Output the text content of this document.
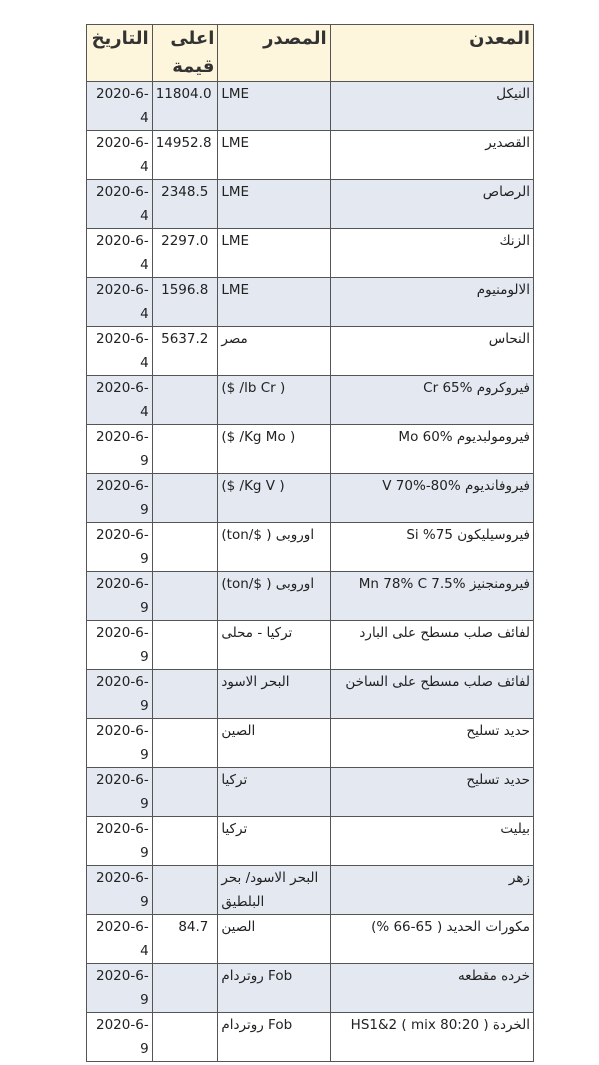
المعدن	المصدر	اعلى قيمة	التاريخ

النيكل	LME	11804.0	2020-6-4

القصدير	LME	14952.8	2020-6-4

الرصاص	LME	2348.5	2020-6-4

الزنك	LME	2297.0	2020-6-4

الالومنيوم	LME	1596.8	2020-6-4

النحاس	مصر	5637.2	2020-6-4

فيروكروم Cr 65%	( lb Cr/ $)		2020-6-4

فيرومولبديوم Mo 60%	( Kg Mo/ $)		2020-6-9

فيروفانديوم V 70%-80%	( Kg V/ $)		2020-6-9

فيروسيليكون Si %75	اوروبى ( $/ton)		2020-6-9

فيرومنجنيز Mn 78% C 7.5%	اوروبى ( $/ton)		2020-6-9

لفائف صلب مسطح على البارد	تركيا - محلى		2020-6-9

لفائف صلب مسطح على الساخن	البحر الاسود		2020-6-9

حديد تسليح	الصين		2020-6-9

حديد تسليح	تركيا		2020-6-9

بيليت	تركيا		2020-6-9

زهر	البحر الاسود/ بحر البلطيق		2020-6-9

مكورات الحديد ( 65-66 %)	الصين	84.7	2020-6-4

خرده مقطعه	Fob روتردام		2020-6-9

الخردة HS1&2 ( mix 80:20 )	Fob روتردام		2020-6-9
